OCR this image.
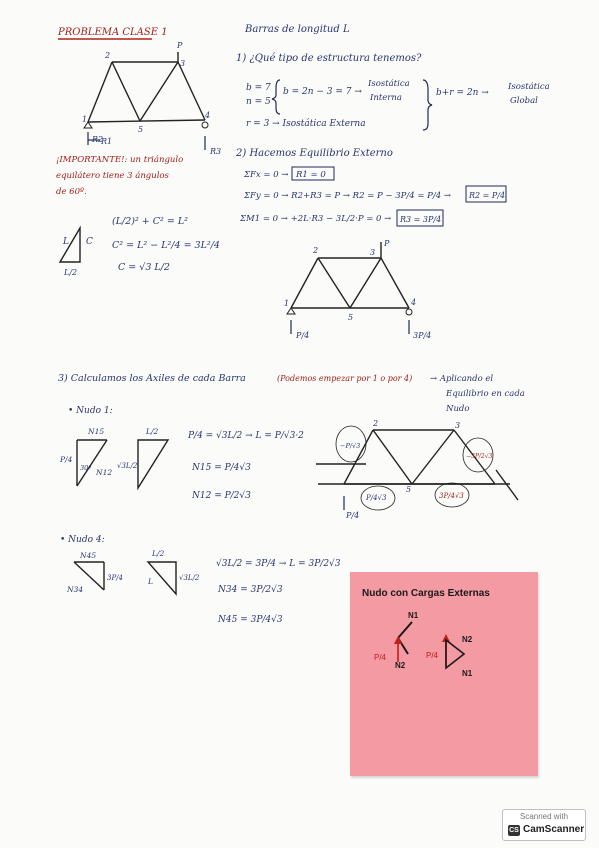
PROBLEMA CLASE 1	Barras de longitud L
2
P
3
1
5
4
R1
R2
R3
1) ¿Qué tipo de estructura tenemos?
b = 7
n = 5
b = 2n − 3 = 7 →
Isostática
Interna
r = 3 → Isostática Externa
b+r = 2n →
Isostática
Global
¡IMPORTANTE!: un triángulo
equilátero tiene 3 ángulos
de 60º.
L C
L/2
(L/2)² + C² = L²
C² = L² − L²/4 = 3L²/4
C = √3 L/2
2) Hacemos Equilibrio Externo
ΣFx = 0 → R1 = 0
ΣFy = 0 → R2+R3 = P → R2 = P − 3P/4 = P/4 → R2 = P/4
ΣM1 = 0 → +2L·R3 − 3L/2·P = 0 → R3 = 3P/4
2	3
P
1
5
4
P/4	3P/4
3) Calculamos los Axiles de cada Barra	(Podemos empezar por 1 o por 4) → Aplicando el
Equilibrio en cada
Nudo
• Nudo 1:
N15
P/4
30º N12
L/2
√3L/2
P/4 = √3L/2 → L = P/√3·2
N15 = P/4√3
N12 = P/2√3
2	3
5
−P/√3
−3P/2√3
P/4√3	3P/4√3
P/4
• Nudo 4:
N45
N34
3P/4
L/2
L	√3L/2
√3L/2 = 3P/4 → L = 3P/2√3
N34 = 3P/2√3
N45 = 3P/4√3
Nudo con Cargas Externas
N1
N2
P/4	P/4
N2
N1
Scanned with
CS CamScanner
